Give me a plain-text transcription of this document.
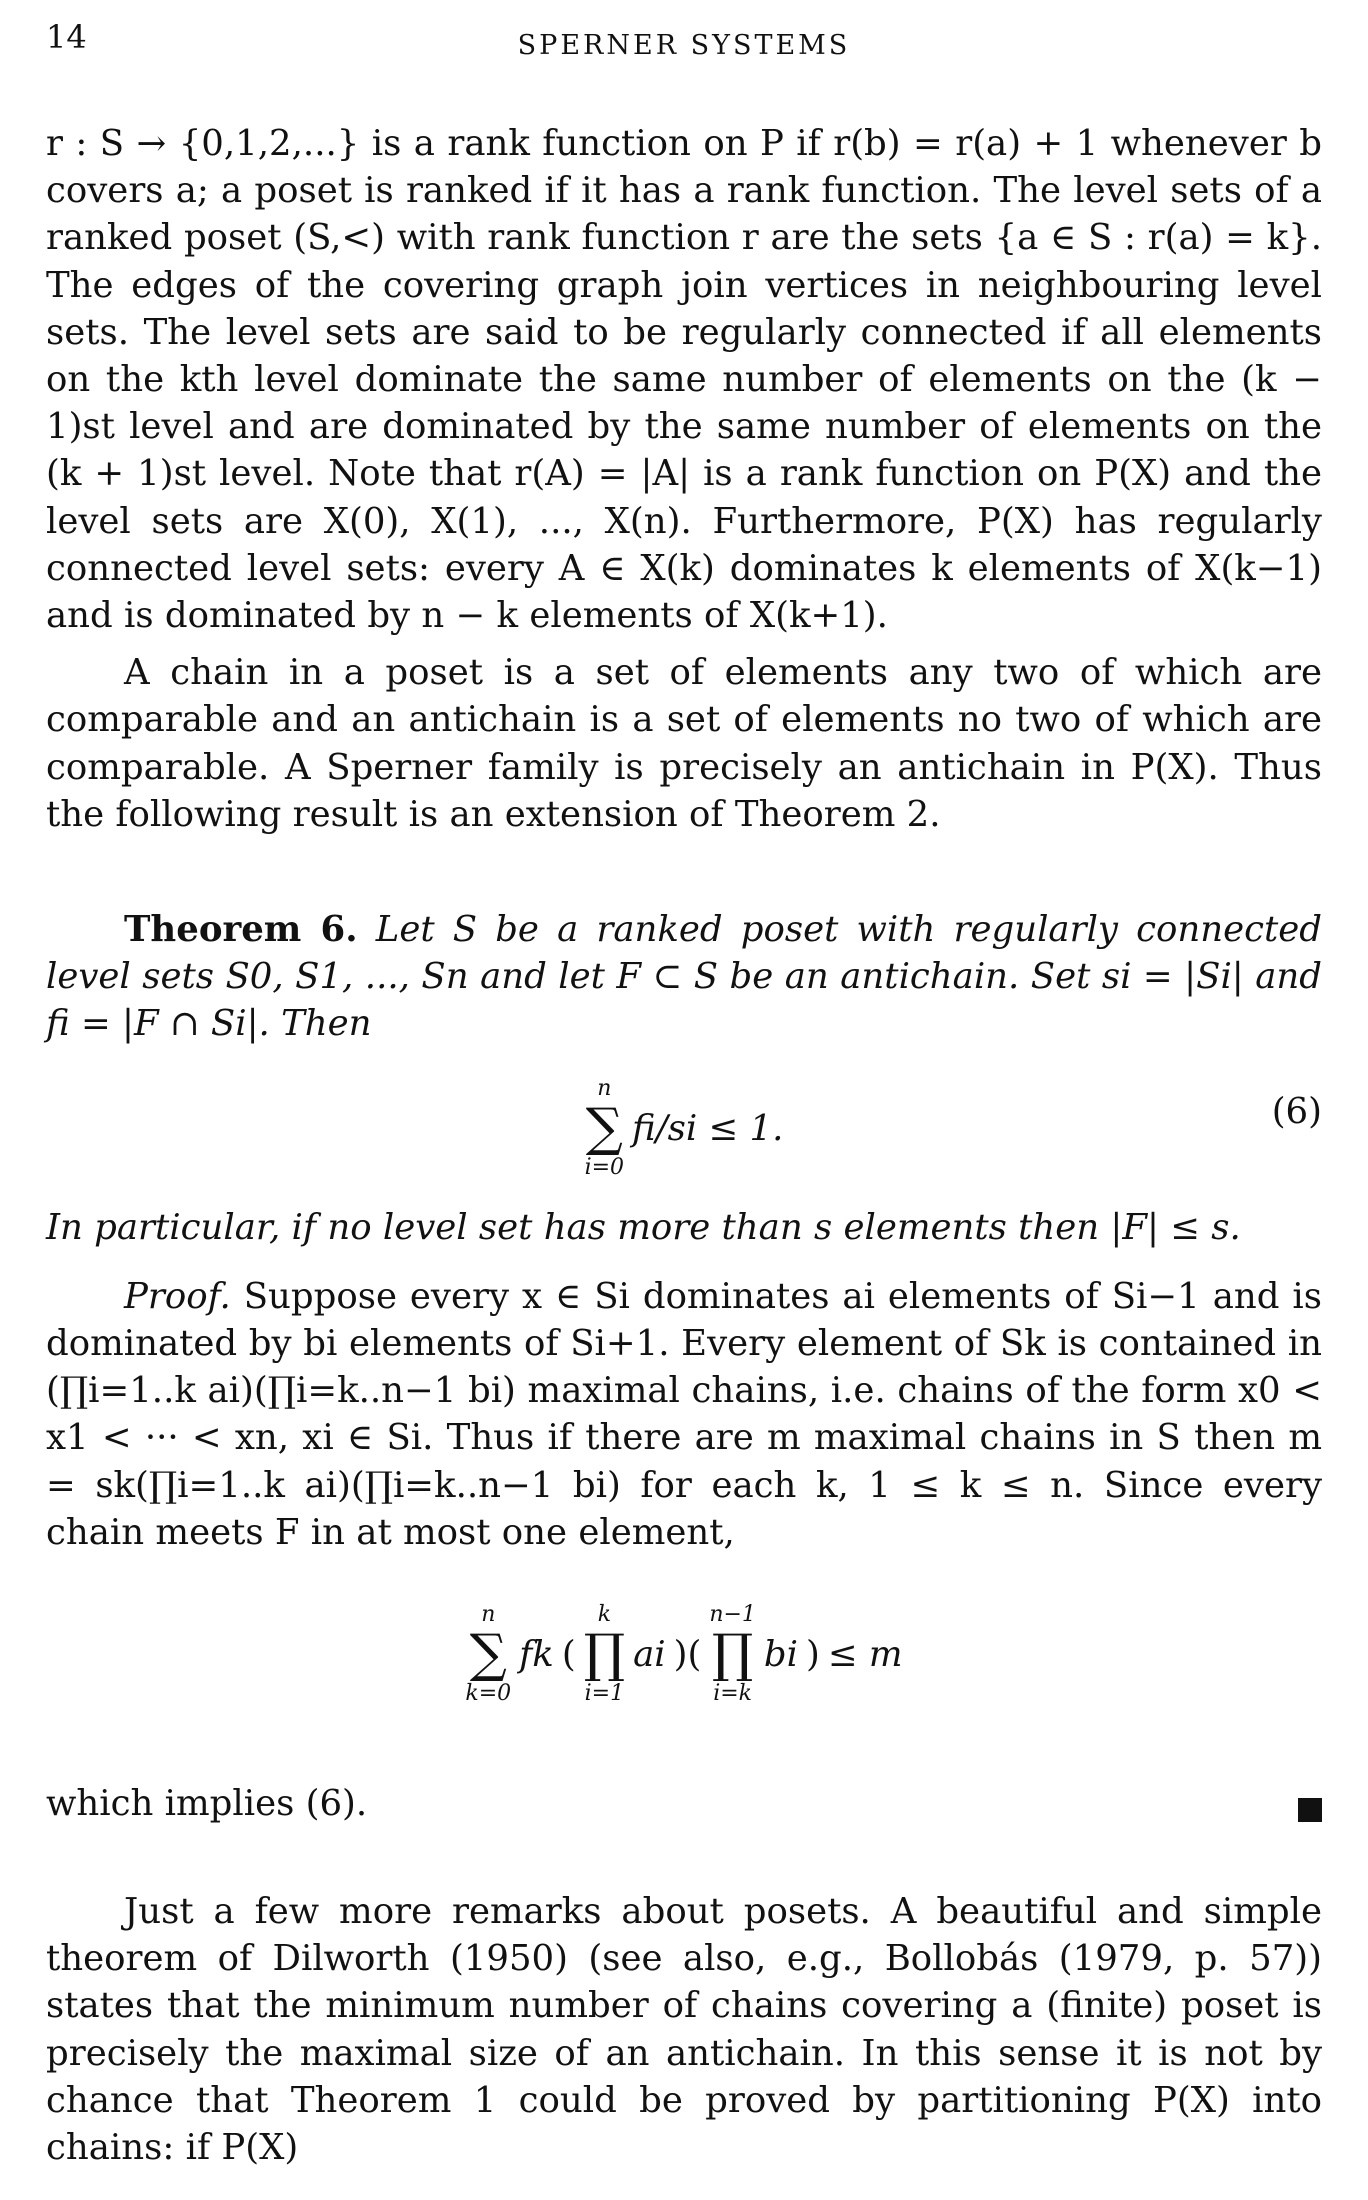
14	SPERNER SYSTEMS

r : S → {0,1,2,...} is a rank function on P if r(b) = r(a) + 1 whenever b covers a; a poset is ranked if it has a rank function. The level sets of a ranked poset (S,<) with rank function r are the sets {a ∈ S : r(a) = k}. The edges of the covering graph join vertices in neighbouring level sets. The level sets are said to be regularly connected if all elements on the kth level dominate the same number of elements on the (k − 1)st level and are dominated by the same number of elements on the (k + 1)st level. Note that r(A) = |A| is a rank function on P(X) and the level sets are X(0), X(1), ..., X(n). Furthermore, P(X) has regularly connected level sets: every A ∈ X(k) dominates k elements of X(k−1) and is dominated by n − k elements of X(k+1).

A chain in a poset is a set of elements any two of which are comparable and an antichain is a set of elements no two of which are comparable. A Sperner family is precisely an antichain in P(X). Thus the following result is an extension of Theorem 2.

Theorem 6. Let S be a ranked poset with regularly connected level sets S0, S1, ..., Sn and let F ⊂ S be an antichain. Set si = |Si| and fi = |F ∩ Si|. Then

n
∑
i=0
fi/si ≤ 1.	(6)

In particular, if no level set has more than s elements then |F| ≤ s.

Proof. Suppose every x ∈ Si dominates ai elements of Si−1 and is dominated by bi elements of Si+1. Every element of Sk is contained in (∏i=1..k ai)(∏i=k..n−1 bi) maximal chains, i.e. chains of the form x0 < x1 < ··· < xn, xi ∈ Si. Thus if there are m maximal chains in S then m = sk(∏i=1..k ai)(∏i=k..n−1 bi) for each k, 1 ≤ k ≤ n. Since every chain meets F in at most one element,

n
∑
k=0
fk (
k
∏
i=1
ai )(
n−1
∏
i=k
bi ) ≤ m
which implies (6).

Just a few more remarks about posets. A beautiful and simple theorem of Dilworth (1950) (see also, e.g., Bollobás (1979, p. 57)) states that the minimum number of chains covering a (finite) poset is precisely the maximal size of an antichain. In this sense it is not by chance that Theorem 1 could be proved by partitioning P(X) into chains: if P(X)
